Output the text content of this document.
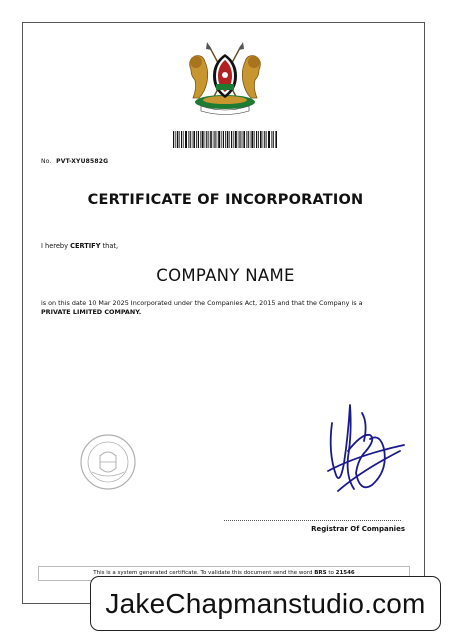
No. PVT-XYU8582G
CERTIFICATE OF INCORPORATION
I hereby CERTIFY that,
COMPANY NAME
is on this date 10 Mar 2025 Incorporated under the Companies Act, 2015 and that the Company is a
PRIVATE LIMITED COMPANY.
Registrar Of Companies
This is a system generated certificate. To validate this document send the word BRS to 21546
JakeChapmanstudio.com
